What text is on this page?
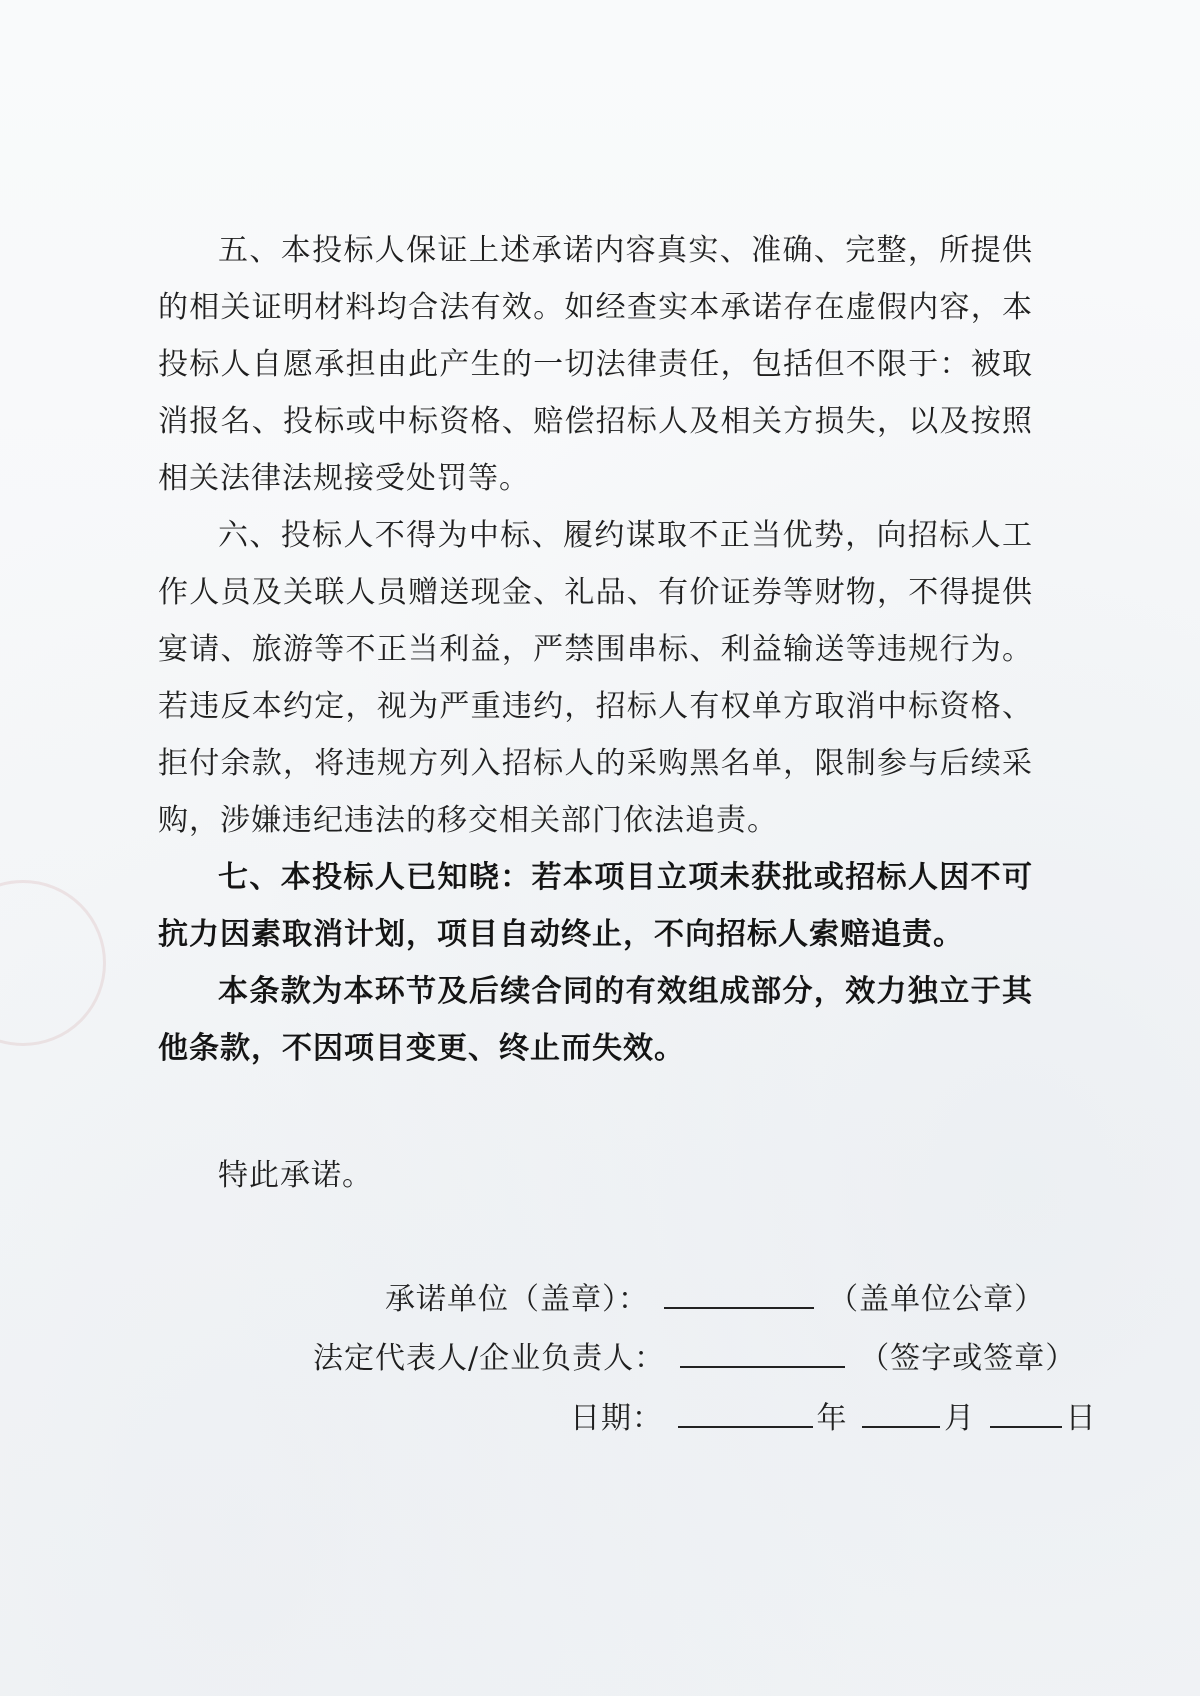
五、本投标人保证上述承诺内容真实、准确、完整，所提供的相关证明材料均合法有效。如经查实本承诺存在虚假内容，本投标人自愿承担由此产生的一切法律责任，包括但不限于：被取消报名、投标或中标资格、赔偿招标人及相关方损失，以及按照相关法律法规接受处罚等。

六、投标人不得为中标、履约谋取不正当优势，向招标人工作人员及关联人员赠送现金、礼品、有价证券等财物，不得提供宴请、旅游等不正当利益，严禁围串标、利益输送等违规行为。若违反本约定，视为严重违约，招标人有权单方取消中标资格、拒付余款，将违规方列入招标人的采购黑名单，限制参与后续采购，涉嫌违纪违法的移交相关部门依法追责。

七、本投标人已知晓：若本项目立项未获批或招标人因不可抗力因素取消计划，项目自动终止，不向招标人索赔追责。

本条款为本环节及后续合同的有效组成部分，效力独立于其他条款，不因项目变更、终止而失效。

特此承诺。
承诺单位（盖章）：	（盖单位公章）
法定代表人/企业负责人：	（签字或签章）
日期：	年	月	日
